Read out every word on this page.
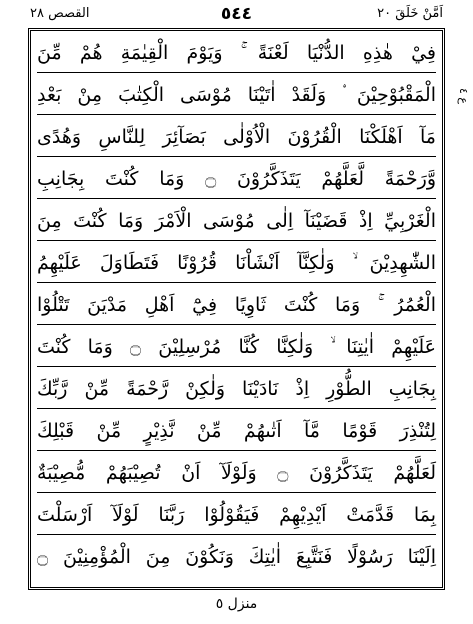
اَمَّنْ خَلَقَ ٢٠
٥٤٤
القصص ٢٨
فِيْ هٰذِهِ الدُّنْيَا لَعْنَةً ۚ وَيَوْمَ الْقِيٰمَةِ هُمْ مِّنَ
الْمَقْبُوْحِيْنَ ۟ وَلَقَدْ اٰتَيْنَا مُوْسَى الْكِتٰبَ مِنْ بَعْدِ
مَآ اَهْلَكْنَا الْقُرُوْنَ الْاُوْلٰى بَصَآئِرَ لِلنَّاسِ وَهُدًى
وَّرَحْمَةً لَّعَلَّهُمْ يَتَذَكَّرُوْنَ ۝ وَمَا كُنْتَ بِجَانِبِ
الْغَرْبِيِّ اِذْ قَضَيْنَآ اِلٰى مُوْسَى الْاَمْرَ وَمَا كُنْتَ مِنَ
الشّٰهِدِيْنَ ۙ وَلٰكِنَّآ اَنْشَاْنَا قُرُوْنًا فَتَطَاوَلَ عَلَيْهِمُ
الْعُمُرُ ۚ وَمَا كُنْتَ ثَاوِيًا فِيْٓ اَهْلِ مَدْيَنَ تَتْلُوْا
عَلَيْهِمْ اٰيٰتِنَا ۙ وَلٰكِنَّا كُنَّا مُرْسِلِيْنَ ۝ وَمَا كُنْتَ
بِجَانِبِ الطُّوْرِ اِذْ نَادَيْنَا وَلٰكِنْ رَّحْمَةً مِّنْ رَّبِّكَ
لِتُنْذِرَ قَوْمًا مَّآ اَتٰىهُمْ مِّنْ نَّذِيْرٍ مِّنْ قَبْلِكَ
لَعَلَّهُمْ يَتَذَكَّرُوْنَ ۝ وَلَوْلَآ اَنْ تُصِيْبَهُمْ مُّصِيْبَةٌ
بِمَا قَدَّمَتْ اَيْدِيْهِمْ فَيَقُوْلُوْا رَبَّنَا لَوْلَآ اَرْسَلْتَ
اِلَيْنَا رَسُوْلًا فَنَتَّبِعَ اٰيٰتِكَ وَنَكُوْنَ مِنَ الْمُؤْمِنِيْنَ ۝
ع ٤
منزل ٥
